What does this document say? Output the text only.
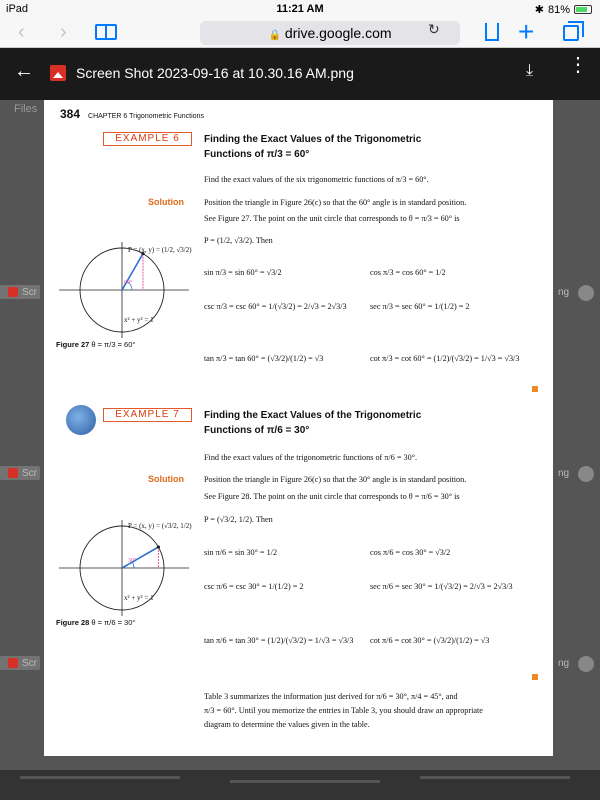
iPad	11:21 AM	✱ 81%
‹ ›	🔒 drive.google.com	↻	+
←	Screen Shot 2023-09-16 at 10.30.16 AM.png	⤓ ⋮
Files
Scr	ng
Scr	ng
Scr	ng
384 CHAPTER 6 Trigonometric Functions
EXAMPLE 6	Finding the Exact Values of the Trigonometric
Functions of π/3 = 60°
Find the exact values of the six trigonometric functions of π/3 = 60°.
Solution Position the triangle in Figure 26(c) so that the 60° angle is in standard position.
See Figure 27. The point on the unit circle that corresponds to θ = π/3 = 60° is
P = (1/2, √3/2). Then
sin π/3 = sin 60° = √3/2	cos π/3 = cos 60° = 1/2
csc π/3 = csc 60° = 1/(√3/2) = 2/√3 = 2√3/3	sec π/3 = sec 60° = 1/(1/2) = 2
tan π/3 = tan 60° = (√3/2)/(1/2) = √3	cot π/3 = cot 60° = (1/2)/(√3/2) = 1/√3 = √3/3
P = (x, y) = (1/2, √3/2)
60°
x² + y² = 1
Figure 27 θ = π/3 = 60°
EXAMPLE 7	Finding the Exact Values of the Trigonometric
Functions of π/6 = 30°
Find the exact values of the trigonometric functions of π/6 = 30°.
Solution Position the triangle in Figure 26(c) so that the 30° angle is in standard position.
See Figure 28. The point on the unit circle that corresponds to θ = π/6 = 30° is
P = (√3/2, 1/2). Then
sin π/6 = sin 30° = 1/2	cos π/6 = cos 30° = √3/2
csc π/6 = csc 30° = 1/(1/2) = 2	sec π/6 = sec 30° = 1/(√3/2) = 2/√3 = 2√3/3
tan π/6 = tan 30° = (1/2)/(√3/2) = 1/√3 = √3/3 cot π/6 = cot 30° = (√3/2)/(1/2) = √3
P = (x, y) = (√3/2, 1/2)
30°
x² + y² = 1
Figure 28 θ = π/6 = 30°
Table 3 summarizes the information just derived for π/6 = 30°, π/4 = 45°, and
π/3 = 60°. Until you memorize the entries in Table 3, you should draw an appropriate
diagram to determine the values given in the table.
